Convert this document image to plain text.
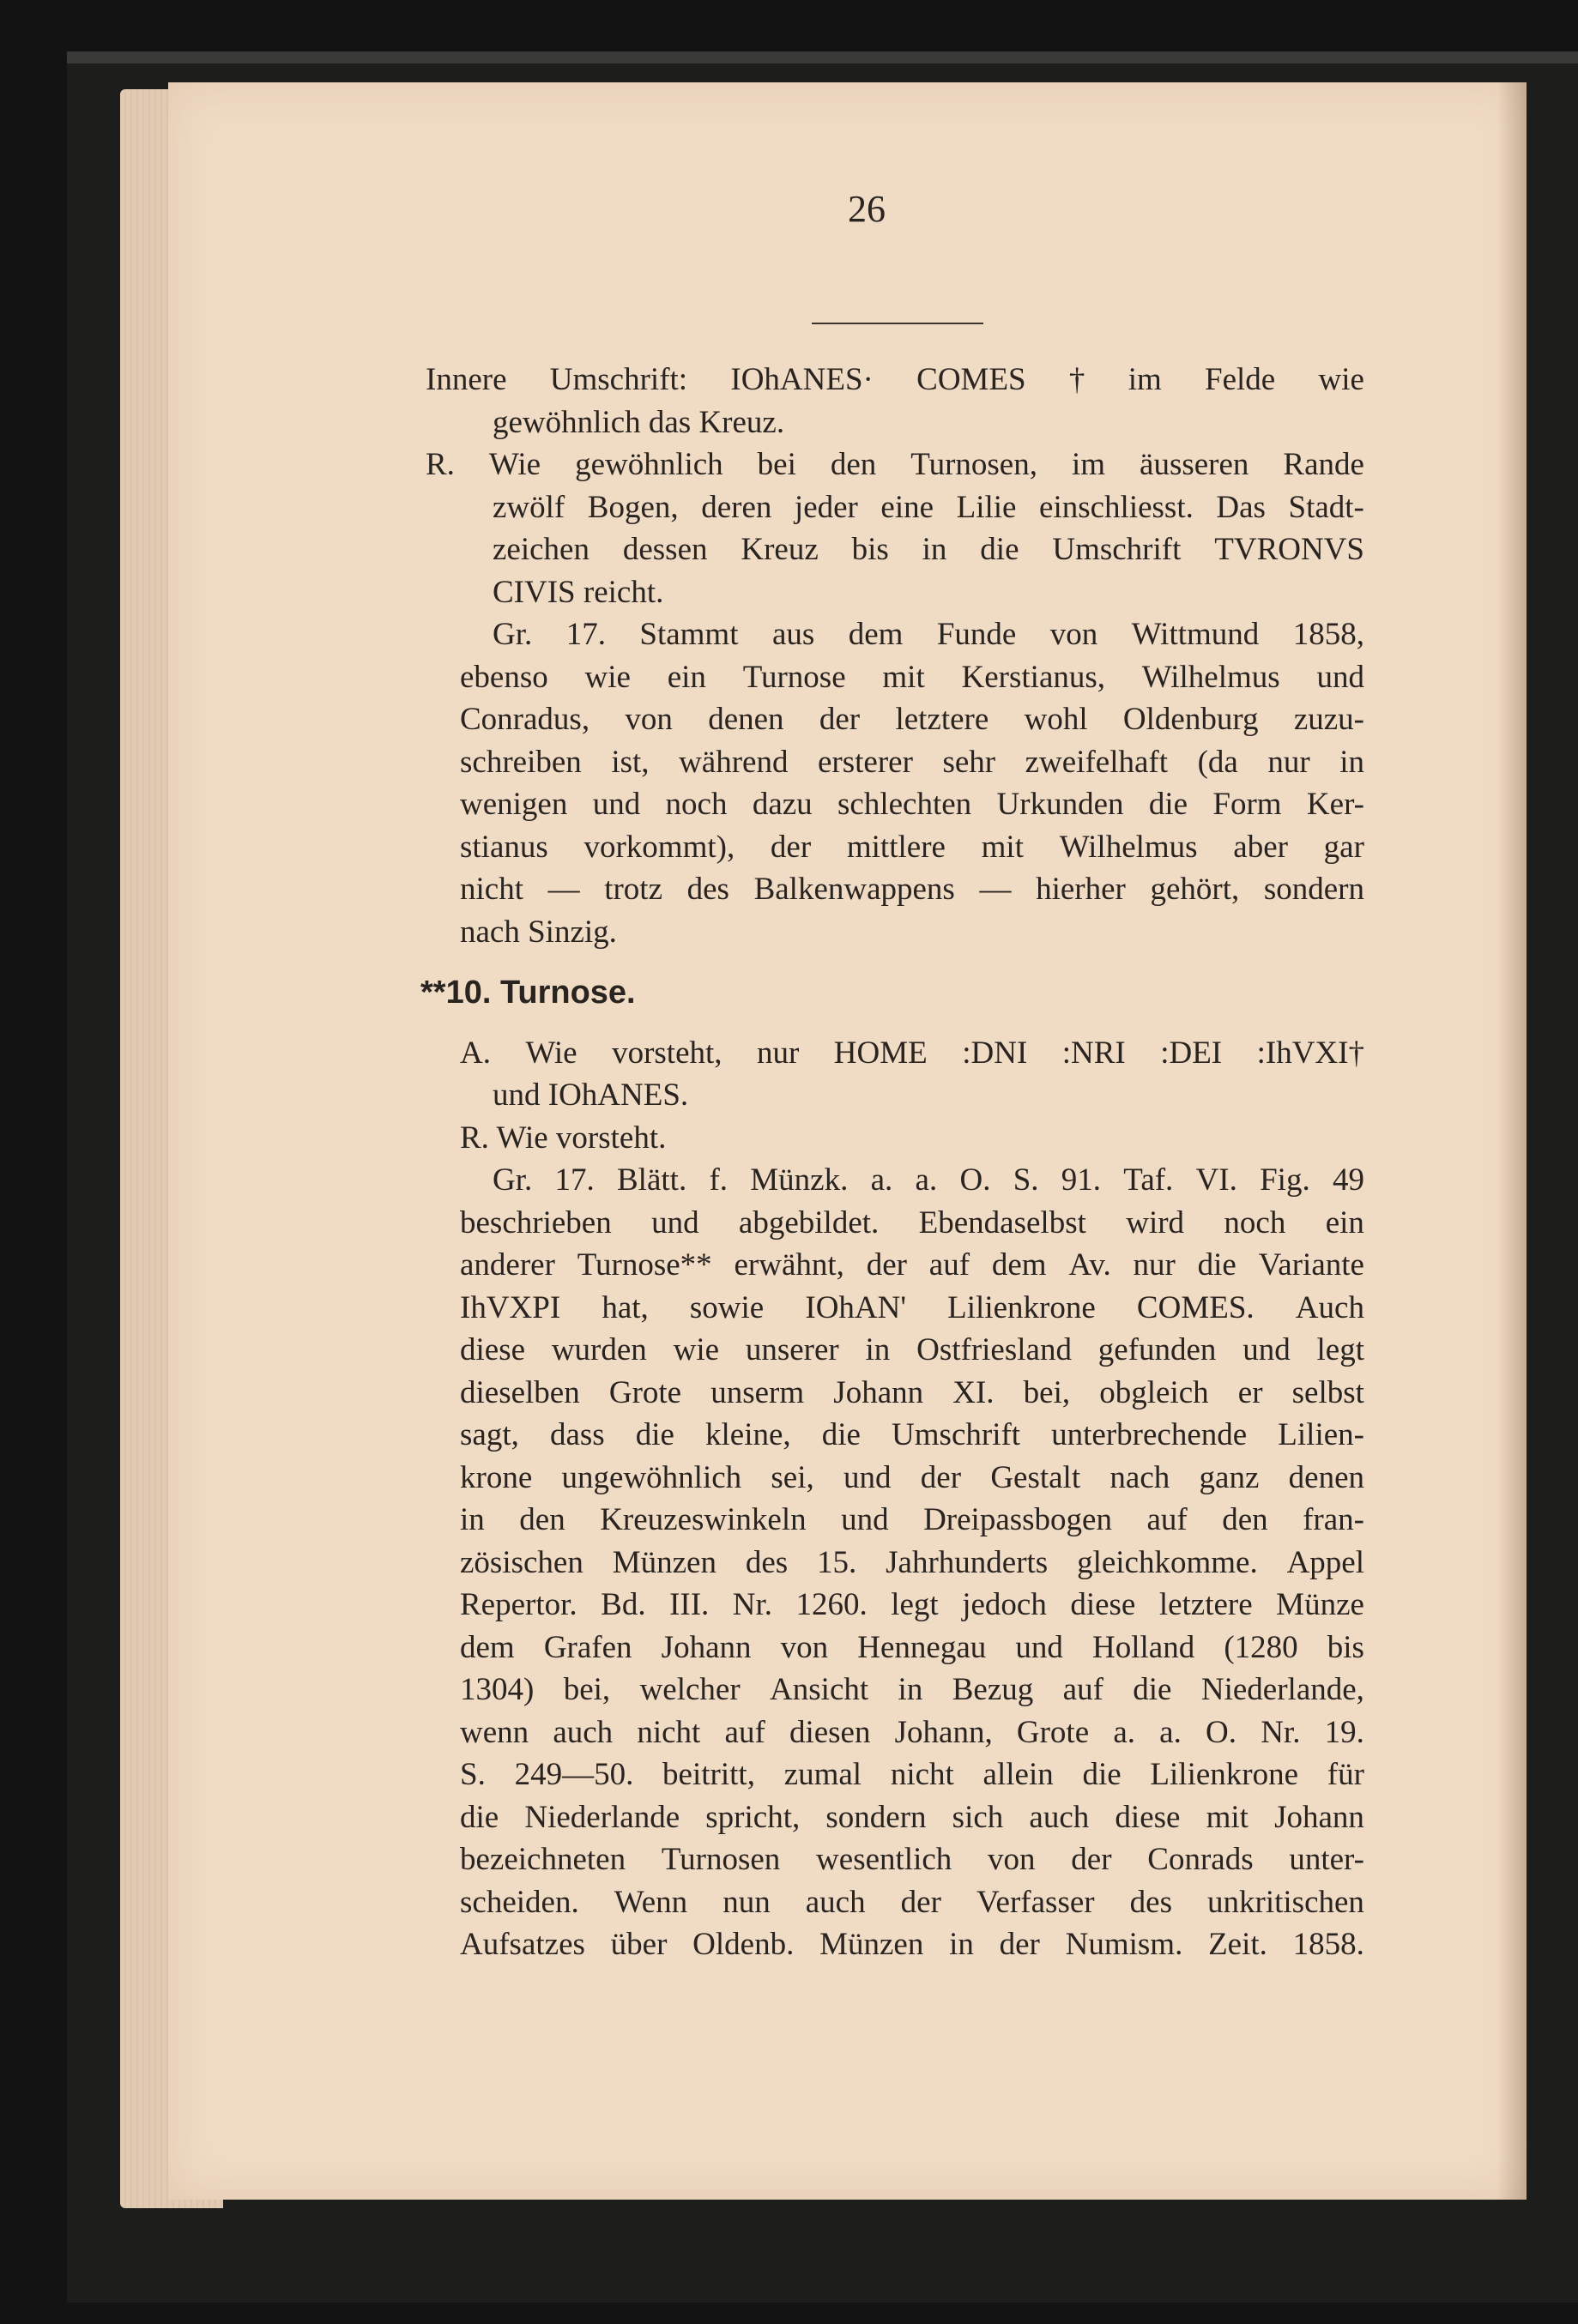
26
Innere Umschrift: IOhANES· COMES † im Felde wie
gewöhnlich das Kreuz.
R. Wie gewöhnlich bei den Turnosen, im äusseren Rande
zwölf Bogen, deren jeder eine Lilie einschliesst. Das Stadt-
zeichen dessen Kreuz bis in die Umschrift TVRONVS
CIVIS reicht.
Gr. 17. Stammt aus dem Funde von Wittmund 1858,
ebenso wie ein Turnose mit Kerstianus, Wilhelmus und
Conradus, von denen der letztere wohl Oldenburg zuzu-
schreiben ist, während ersterer sehr zweifelhaft (da nur in
wenigen und noch dazu schlechten Urkunden die Form Ker-
stianus vorkommt), der mittlere mit Wilhelmus aber gar
nicht — trotz des Balkenwappens — hierher gehört, sondern
nach Sinzig.
**10. Turnose.
A. Wie vorsteht, nur HOME :DNI :NRI :DEI :IhVXI†
und IOhANES.
R. Wie vorsteht.
Gr. 17. Blätt. f. Münzk. a. a. O. S. 91. Taf. VI. Fig. 49
beschrieben und abgebildet. Ebendaselbst wird noch ein
anderer Turnose** erwähnt, der auf dem Av. nur die Variante
IhVXPI hat, sowie IOhAN' Lilienkrone COMES. Auch
diese wurden wie unserer in Ostfriesland gefunden und legt
dieselben Grote unserm Johann XI. bei, obgleich er selbst
sagt, dass die kleine, die Umschrift unterbrechende Lilien-
krone ungewöhnlich sei, und der Gestalt nach ganz denen
in den Kreuzeswinkeln und Dreipassbogen auf den fran-
zösischen Münzen des 15. Jahrhunderts gleichkomme. Appel
Repertor. Bd. III. Nr. 1260. legt jedoch diese letztere Münze
dem Grafen Johann von Hennegau und Holland (1280 bis
1304) bei, welcher Ansicht in Bezug auf die Niederlande,
wenn auch nicht auf diesen Johann, Grote a. a. O. Nr. 19.
S. 249—50. beitritt, zumal nicht allein die Lilienkrone für
die Niederlande spricht, sondern sich auch diese mit Johann
bezeichneten Turnosen wesentlich von der Conrads unter-
scheiden. Wenn nun auch der Verfasser des unkritischen
Aufsatzes über Oldenb. Münzen in der Numism. Zeit. 1858.
